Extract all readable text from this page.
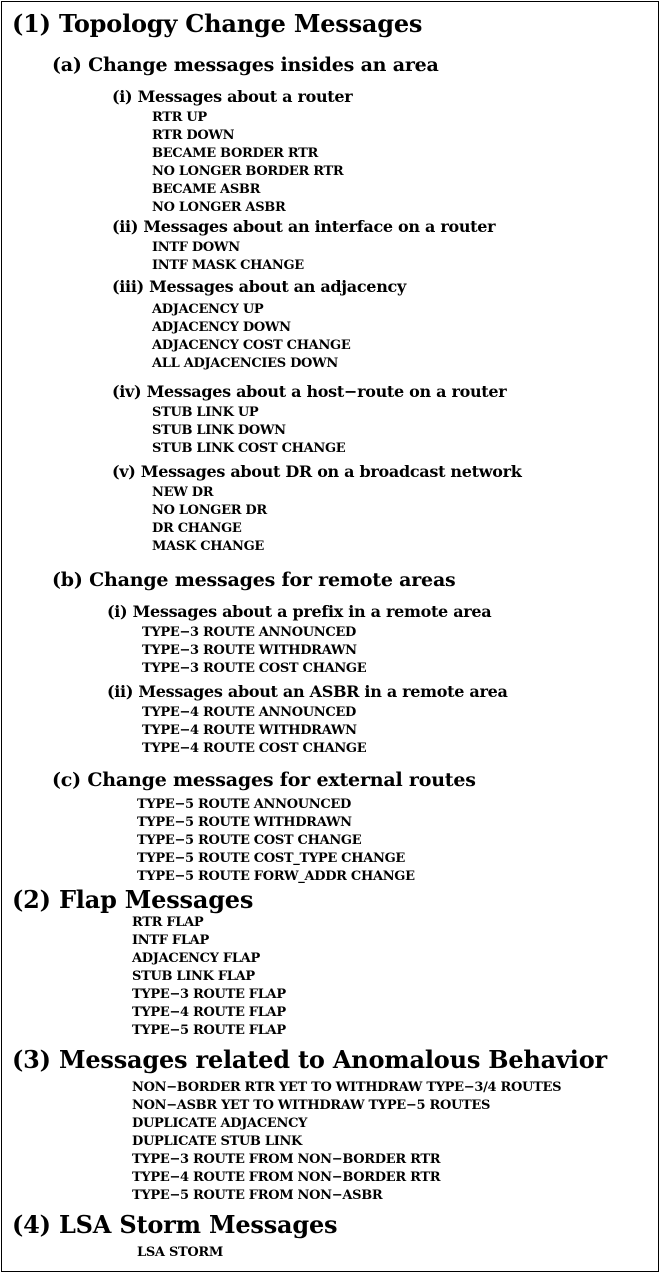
(1) Topology Change Messages
(a) Change messages insides an area
(i) Messages about a router
RTR UP
RTR DOWN
BECAME BORDER RTR
NO LONGER BORDER RTR
BECAME ASBR
NO LONGER ASBR
(ii) Messages about an interface on a router
INTF DOWN
INTF MASK CHANGE
(iii) Messages about an adjacency
ADJACENCY UP
ADJACENCY DOWN
ADJACENCY COST CHANGE
ALL ADJACENCIES DOWN
(iv) Messages about a host−route on a router
STUB LINK UP
STUB LINK DOWN
STUB LINK COST CHANGE
(v) Messages about DR on a broadcast network
NEW DR
NO LONGER DR
DR CHANGE
MASK CHANGE
(b) Change messages for remote areas
(i) Messages about a prefix in a remote area
TYPE−3 ROUTE ANNOUNCED
TYPE−3 ROUTE WITHDRAWN
TYPE−3 ROUTE COST CHANGE
(ii) Messages about an ASBR in a remote area
TYPE−4 ROUTE ANNOUNCED
TYPE−4 ROUTE WITHDRAWN
TYPE−4 ROUTE COST CHANGE
(c) Change messages for external routes
TYPE−5 ROUTE ANNOUNCED
TYPE−5 ROUTE WITHDRAWN
TYPE−5 ROUTE COST CHANGE
TYPE−5 ROUTE COST_TYPE CHANGE
TYPE−5 ROUTE FORW_ADDR CHANGE
(2) Flap Messages
RTR FLAP
INTF FLAP
ADJACENCY FLAP
STUB LINK FLAP
TYPE−3 ROUTE FLAP
TYPE−4 ROUTE FLAP
TYPE−5 ROUTE FLAP
(3) Messages related to Anomalous Behavior
NON−BORDER RTR YET TO WITHDRAW TYPE−3/4 ROUTES
NON−ASBR YET TO WITHDRAW TYPE−5 ROUTES
DUPLICATE ADJACENCY
DUPLICATE STUB LINK
TYPE−3 ROUTE FROM NON−BORDER RTR
TYPE−4 ROUTE FROM NON−BORDER RTR
TYPE−5 ROUTE FROM NON−ASBR
(4) LSA Storm Messages
LSA STORM
